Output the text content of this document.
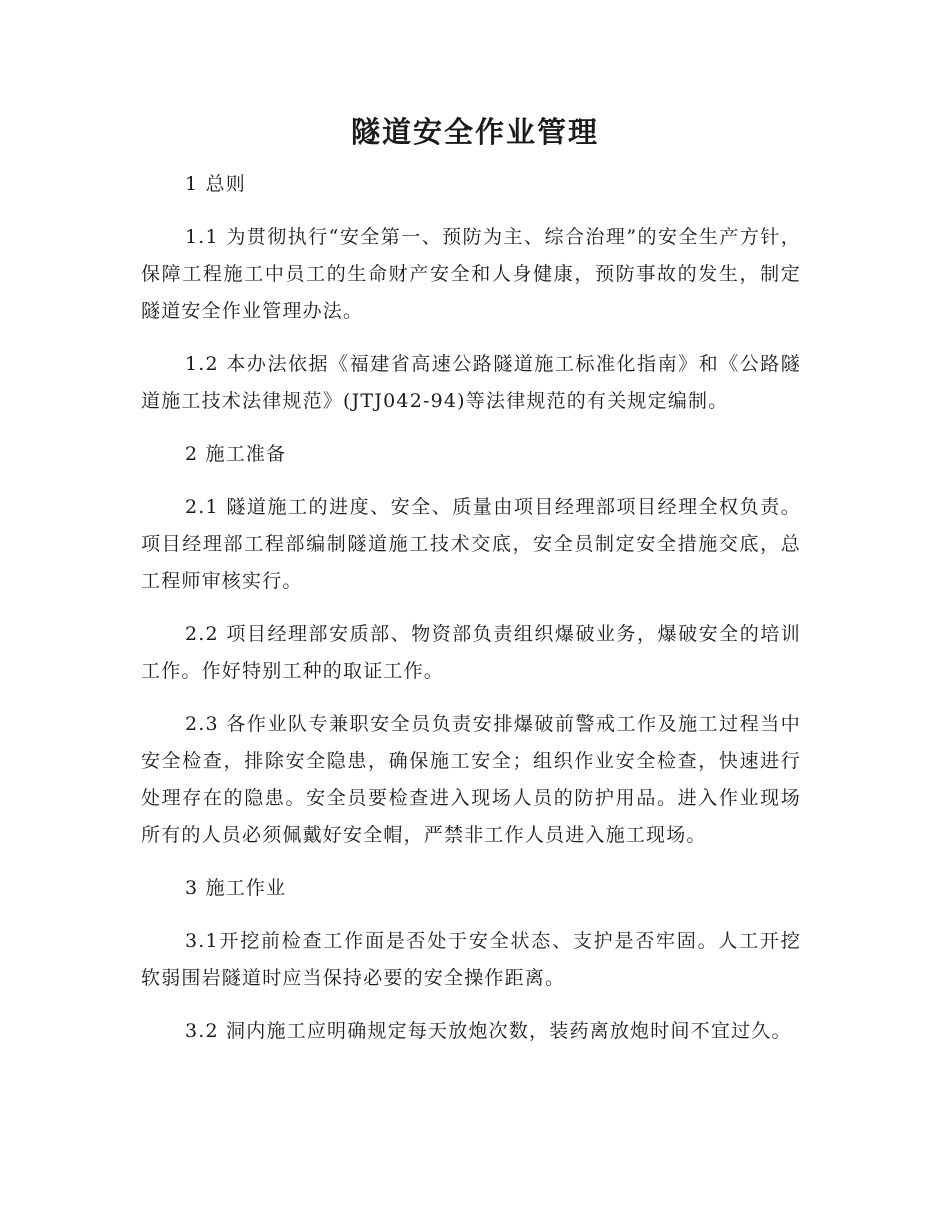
隧道安全作业管理

1 总则

1.1 为贯彻执行“安全第一、预防为主、综合治理”的安全生产方针，保障工程施工中员工的生命财产安全和人身健康，预防事故的发生，制定隧道安全作业管理办法。

1.2 本办法依据《福建省高速公路隧道施工标准化指南》和《公路隧道施工技术法律规范》(JTJ042-94)等法律规范的有关规定编制。

2 施工准备

2.1 隧道施工的进度、安全、质量由项目经理部项目经理全权负责。项目经理部工程部编制隧道施工技术交底，安全员制定安全措施交底，总工程师审核实行。

2.2 项目经理部安质部、物资部负责组织爆破业务，爆破安全的培训工作。作好特别工种的取证工作。

2.3 各作业队专兼职安全员负责安排爆破前警戒工作及施工过程当中安全检查，排除安全隐患，确保施工安全；组织作业安全检查，快速进行处理存在的隐患。安全员要检查进入现场人员的防护用品。进入作业现场所有的人员必须佩戴好安全帽，严禁非工作人员进入施工现场。

3 施工作业

3.1开挖前检查工作面是否处于安全状态、支护是否牢固。人工开挖软弱围岩隧道时应当保持必要的安全操作距离。

3.2 洞内施工应明确规定每天放炮次数，装药离放炮时间不宜过久。
